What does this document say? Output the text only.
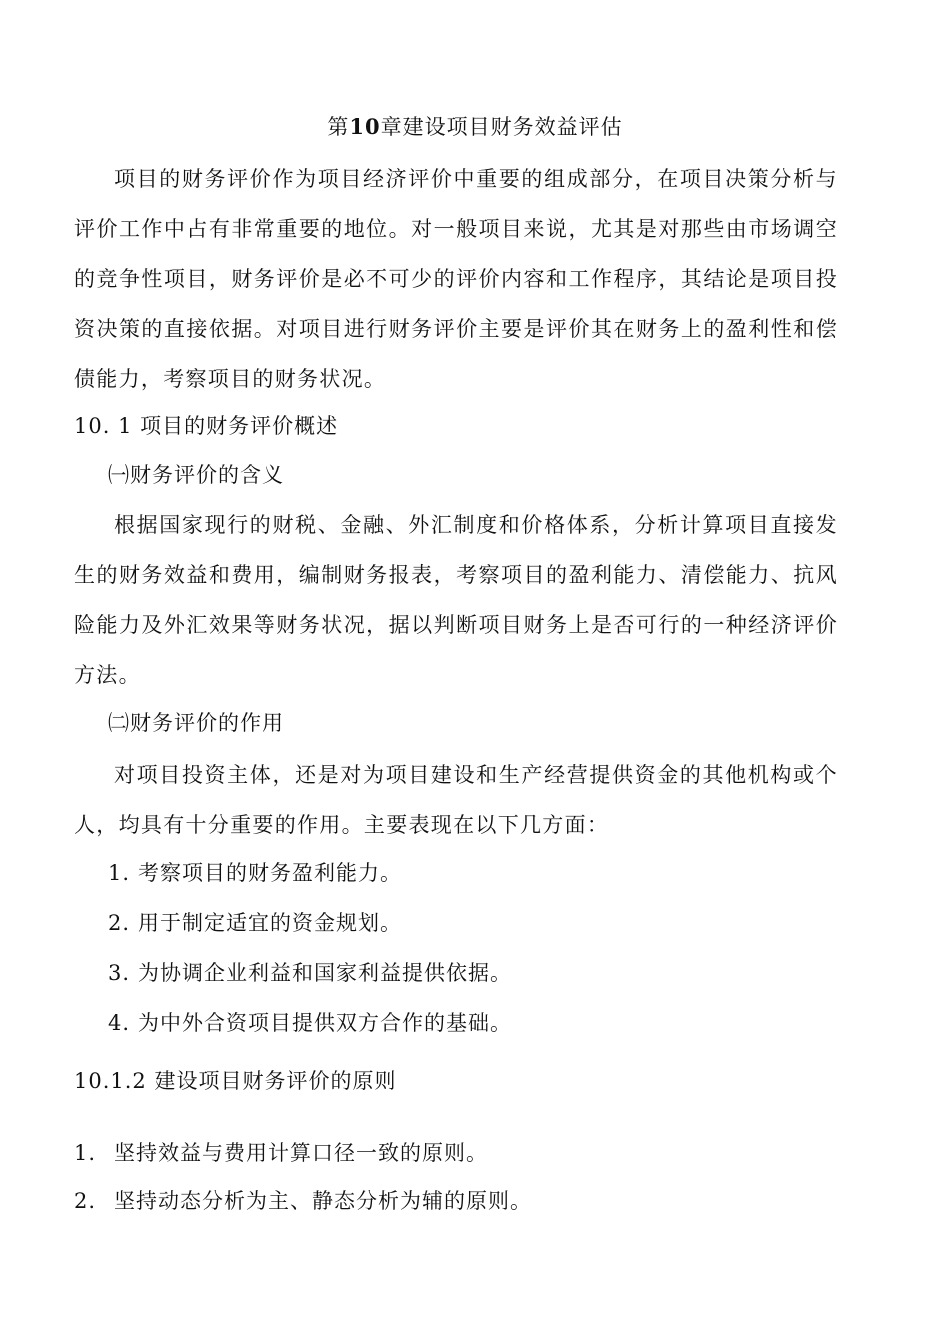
第10章建设项目财务效益评估
项目的财务评价作为项目经济评价中重要的组成部分，在项目决策分析与评价工作中占有非常重要的地位。对一般项目来说，尤其是对那些由市场调空的竞争性项目，财务评价是必不可少的评价内容和工作程序，其结论是项目投资决策的直接依据。对项目进行财务评价主要是评价其在财务上的盈利性和偿债能力，考察项目的财务状况。
10. 1 项目的财务评价概述
㈠财务评价的含义
根据国家现行的财税、金融、外汇制度和价格体系，分析计算项目直接发生的财务效益和费用，编制财务报表，考察项目的盈利能力、清偿能力、抗风险能力及外汇效果等财务状况，据以判断项目财务上是否可行的一种经济评价方法。
㈡财务评价的作用
对项目投资主体，还是对为项目建设和生产经营提供资金的其他机构或个人，均具有十分重要的作用。主要表现在以下几方面：
1. 考察项目的财务盈利能力。
2. 用于制定适宜的资金规划。
3. 为协调企业利益和国家利益提供依据。
4. 为中外合资项目提供双方合作的基础。
10.1.2 建设项目财务评价的原则
1. 坚持效益与费用计算口径一致的原则。
2. 坚持动态分析为主、静态分析为辅的原则。
